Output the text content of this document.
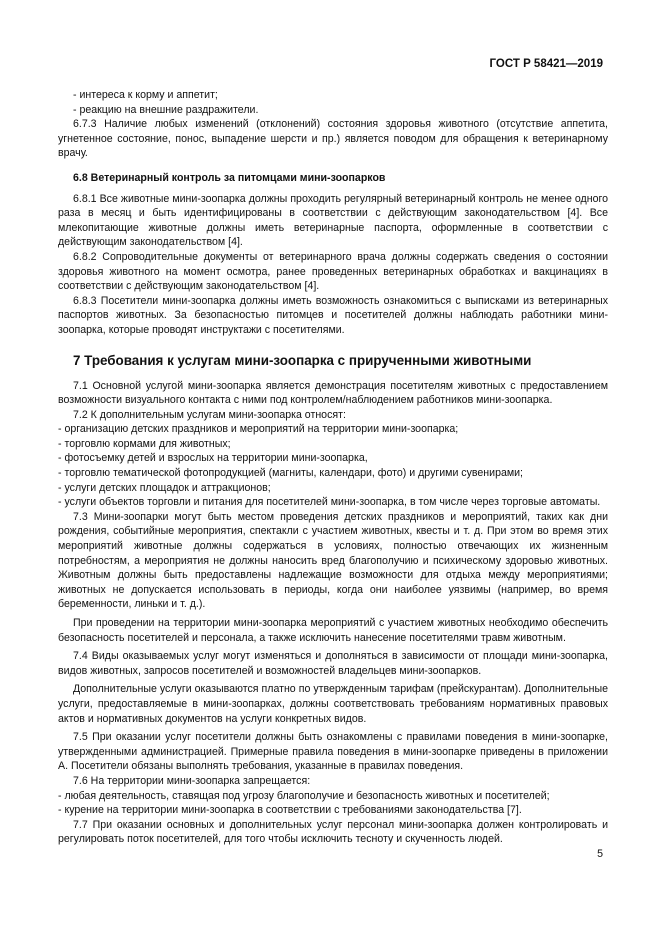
ГОСТ Р 58421—2019

- интереса к корму и аппетит;

- реакцию на внешние раздражители.

6.7.3 Наличие любых изменений (отклонений) состояния здоровья животного (отсутствие аппетита, угнетенное состояние, понос, выпадение шерсти и пр.) является поводом для обращения к ветеринарному врачу.

6.8 Ветеринарный контроль за питомцами мини-зоопарков

6.8.1 Все животные мини-зоопарка должны проходить регулярный ветеринарный контроль не менее одного раза в месяц и быть идентифицированы в соответствии с действующим законодательством [4]. Все млекопитающие животные должны иметь ветеринарные паспорта, оформленные в соответствии с действующим законодательством [4].

6.8.2 Сопроводительные документы от ветеринарного врача должны содержать сведения о состоянии здоровья животного на момент осмотра, ранее проведенных ветеринарных обработках и вакцинациях в соответствии с действующим законодательством [4].

6.8.3 Посетители мини-зоопарка должны иметь возможность ознакомиться с выписками из ветеринарных паспортов животных. За безопасностью питомцев и посетителей должны наблюдать работники мини-зоопарка, которые проводят инструктажи с посетителями.

7 Требования к услугам мини-зоопарка с прирученными животными

7.1 Основной услугой мини-зоопарка является демонстрация посетителям животных с предоставлением возможности визуального контакта с ними под контролем/наблюдением работников мини-зоопарка.

7.2 К дополнительным услугам мини-зоопарка относят:

- организацию детских праздников и мероприятий на территории мини-зоопарка;

- торговлю кормами для животных;

- фотосъемку детей и взрослых на территории мини-зоопарка,

- торговлю тематической фотопродукцией (магниты, календари, фото) и другими сувенирами;

- услуги детских площадок и аттракционов;

- услуги объектов торговли и питания для посетителей мини-зоопарка, в том числе через торговые автоматы.

7.3 Мини-зоопарки могут быть местом проведения детских праздников и мероприятий, таких как дни рождения, событийные мероприятия, спектакли с участием животных, квесты и т. д. При этом во время этих мероприятий животные должны содержаться в условиях, полностью отвечающих их жизненным потребностям, а мероприятия не должны наносить вред благополучию и психическому здоровью животных. Животным должны быть предоставлены надлежащие возможности для отдыха между мероприятиями; животных не допускается использовать в периоды, когда они наиболее уязвимы (например, во время беременности, линьки и т. д.).

При проведении на территории мини-зоопарка мероприятий с участием животных необходимо обеспечить безопасность посетителей и персонала, а также исключить нанесение посетителями травм животным.

7.4 Виды оказываемых услуг могут изменяться и дополняться в зависимости от площади мини-зоопарка, видов животных, запросов посетителей и возможностей владельцев мини-зоопарков.

Дополнительные услуги оказываются платно по утвержденным тарифам (прейскурантам). Дополнительные услуги, предоставляемые в мини-зоопарках, должны соответствовать требованиям нормативных правовых актов и нормативных документов на услуги конкретных видов.

7.5 При оказании услуг посетители должны быть ознакомлены с правилами поведения в мини-зоопарке, утвержденными администрацией. Примерные правила поведения в мини-зоопарке приведены в приложении А. Посетители обязаны выполнять требования, указанные в правилах поведения.

7.6 На территории мини-зоопарка запрещается:

- любая деятельность, ставящая под угрозу благополучие и безопасность животных и посетителей;

- курение на территории мини-зоопарка в соответствии с требованиями законодательства [7].

7.7 При оказании основных и дополнительных услуг персонал мини-зоопарка должен контролировать и регулировать поток посетителей, для того чтобы исключить тесноту и скученность людей.

5
